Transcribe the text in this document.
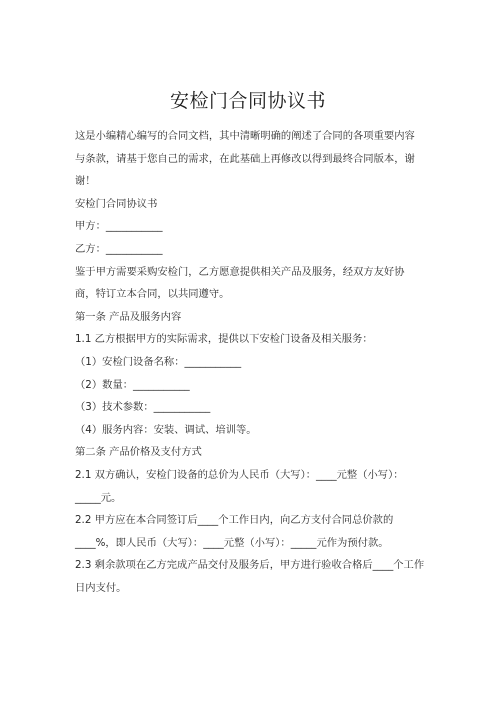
安检门合同协议书

这是小编精心编写的合同文档，其中清晰明确的阐述了合同的各项重要内容与条款，请基于您自己的需求，在此基础上再修改以得到最终合同版本，谢谢！

安检门合同协议书

甲方：___________

乙方：___________

鉴于甲方需要采购安检门，乙方愿意提供相关产品及服务，经双方友好协商，特订立本合同，以共同遵守。

第一条 产品及服务内容

1.1 乙方根据甲方的实际需求，提供以下安检门设备及相关服务：

（1）安检门设备名称：___________

（2）数量：___________

（3）技术参数：___________

（4）服务内容：安装、调试、培训等。

第二条 产品价格及支付方式

2.1 双方确认，安检门设备的总价为人民币（大写）：____元整（小写）：_____元。

2.2 甲方应在本合同签订后____个工作日内，向乙方支付合同总价款的____%，即人民币（大写）：____元整（小写）：_____元作为预付款。

2.3 剩余款项在乙方完成产品交付及服务后，甲方进行验收合格后____个工作日内支付。
